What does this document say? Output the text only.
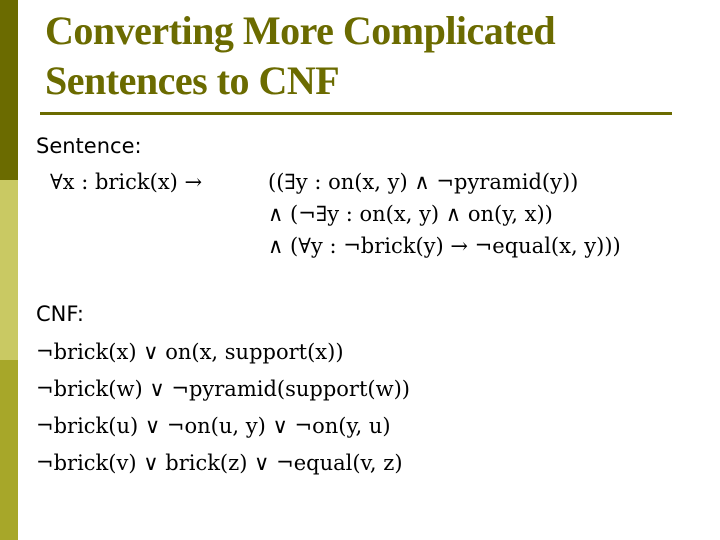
Converting More Complicated
Sentences to CNF
Sentence:
∀x : brick(x) →	((∃y : on(x, y) ∧ ¬pyramid(y))
∧ (¬∃y : on(x, y) ∧ on(y, x))
∧ (∀y : ¬brick(y) → ¬equal(x, y)))
CNF:
¬brick(x) ∨ on(x, support(x))
¬brick(w) ∨ ¬pyramid(support(w))
¬brick(u) ∨ ¬on(u, y) ∨ ¬on(y, u)
¬brick(v) ∨ brick(z) ∨ ¬equal(v, z)
